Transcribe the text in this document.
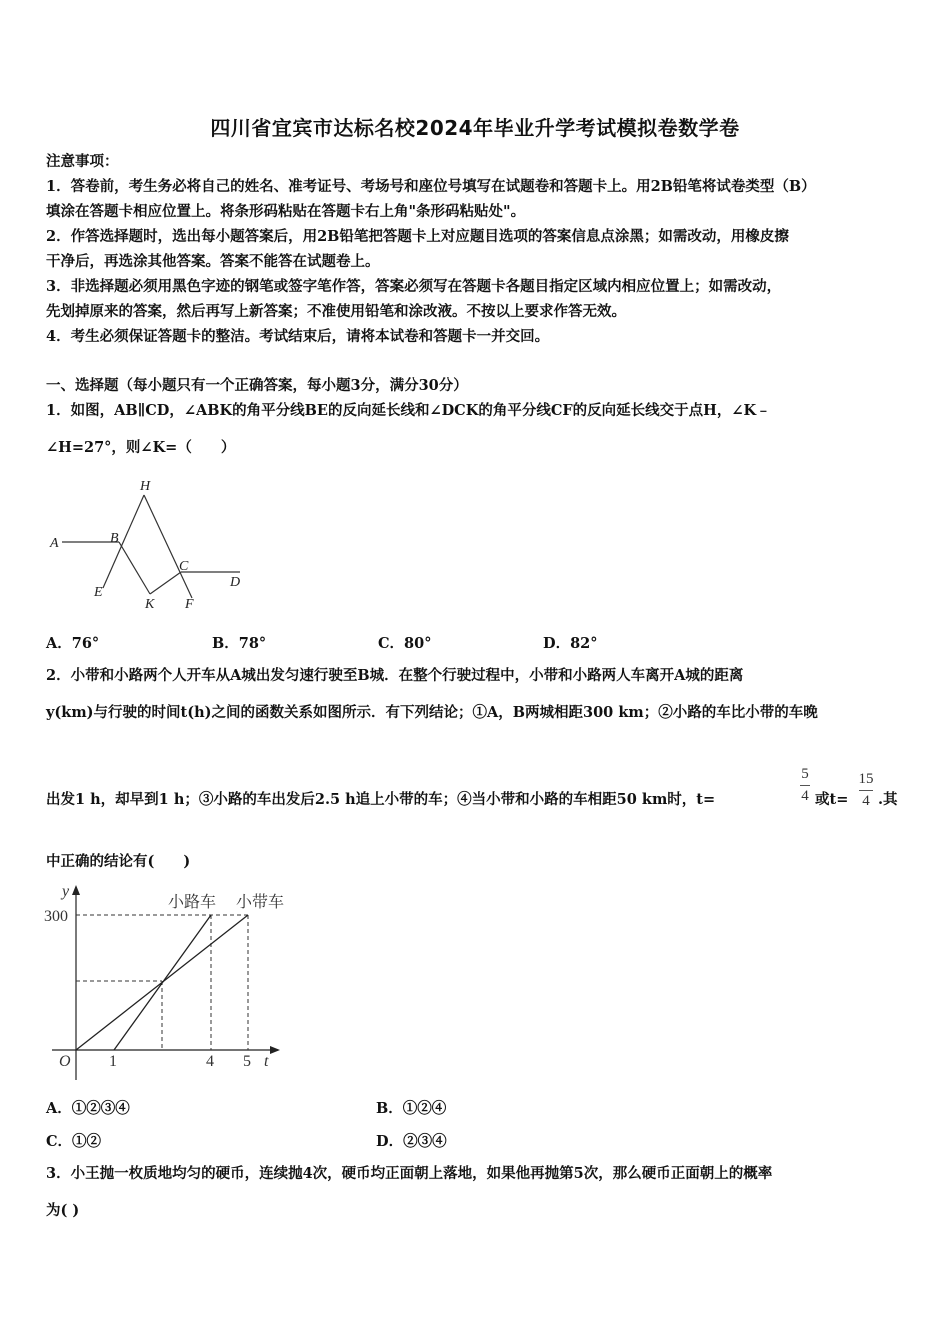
四川省宜宾市达标名校2024年毕业升学考试模拟卷数学卷
注意事项：
1．答卷前，考生务必将自己的姓名、准考证号、考场号和座位号填写在试题卷和答题卡上。用2B铅笔将试卷类型（B）
填涂在答题卡相应位置上。将条形码粘贴在答题卡右上角"条形码粘贴处"。
2．作答选择题时，选出每小题答案后，用2B铅笔把答题卡上对应题目选项的答案信息点涂黑；如需改动，用橡皮擦
干净后，再选涂其他答案。答案不能答在试题卷上。
3．非选择题必须用黑色字迹的钢笔或签字笔作答，答案必须写在答题卡各题目指定区域内相应位置上；如需改动，
先划掉原来的答案，然后再写上新答案；不准使用铅笔和涂改液。不按以上要求作答无效。
4．考生必须保证答题卡的整洁。考试结束后，请将本试卷和答题卡一并交回。
一、选择题（每小题只有一个正确答案，每小题3分，满分30分）
1．如图，AB∥CD，∠ABK的角平分线BE的反向延长线和∠DCK的角平分线CF的反向延长线交于点H，∠K﹣
∠H=27°，则∠K=（　　）
H
A	B
C
D
E
K F
A．76°	B．78°	C．80°	D．82°
2．小带和小路两个人开车从A城出发匀速行驶至B城．在整个行驶过程中，小带和小路两人车离开A城的距离
y(km)与行驶的时间t(h)之间的函数关系如图所示．有下列结论；①A，B两城相距300 km；②小路的车比小带的车晚
出发1 h，却早到1 h；③小路的车出发后2.5 h追上小带的车；④当小带和小路的车相距50 km时，t=
5
4 或t=
15
4 .其
中正确的结论有(　　)
y
300
O 1	4 5 t
小路车 小带车
A．①②③④	B．①②④
C．①②	D．②③④
3．小王抛一枚质地均匀的硬币，连续抛4次，硬币均正面朝上落地，如果他再抛第5次，那么硬币正面朝上的概率
为( )
